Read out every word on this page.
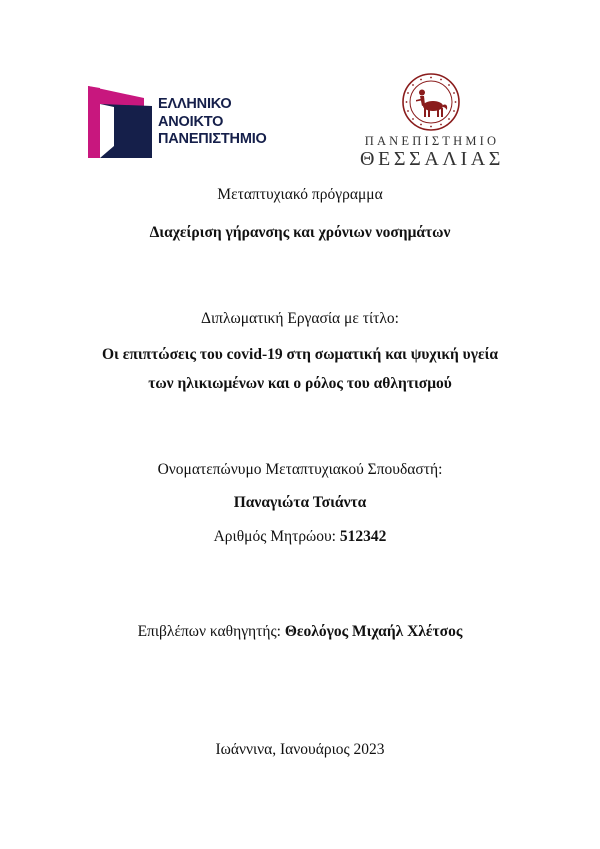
ΕΛΛΗΝΙΚΟ
ΑΝΟΙΚΤΟ
ΠΑΝΕΠΙΣΤΗΜΙΟ	ΠΑΝΕΠΙΣΤΗΜΙΟ
ΘΕΣΣΑΛΙΑΣ
Μεταπτυχιακό πρόγραμμα
Διαχείριση γήρανσης και χρόνιων νοσημάτων
Διπλωματική Εργασία με τίτλο:
Οι επιπτώσεις του covid-19 στη σωματική και ψυχική υγεία
των ηλικιωμένων και ο ρόλος του αθλητισμού
Ονοματεπώνυμο Μεταπτυχιακού Σπουδαστή:
Παναγιώτα Τσιάντα
Αριθμός Μητρώου: 512342
Επιβλέπων καθηγητής: Θεολόγος Μιχαήλ Χλέτσος
Ιωάννινα, Ιανουάριος 2023
